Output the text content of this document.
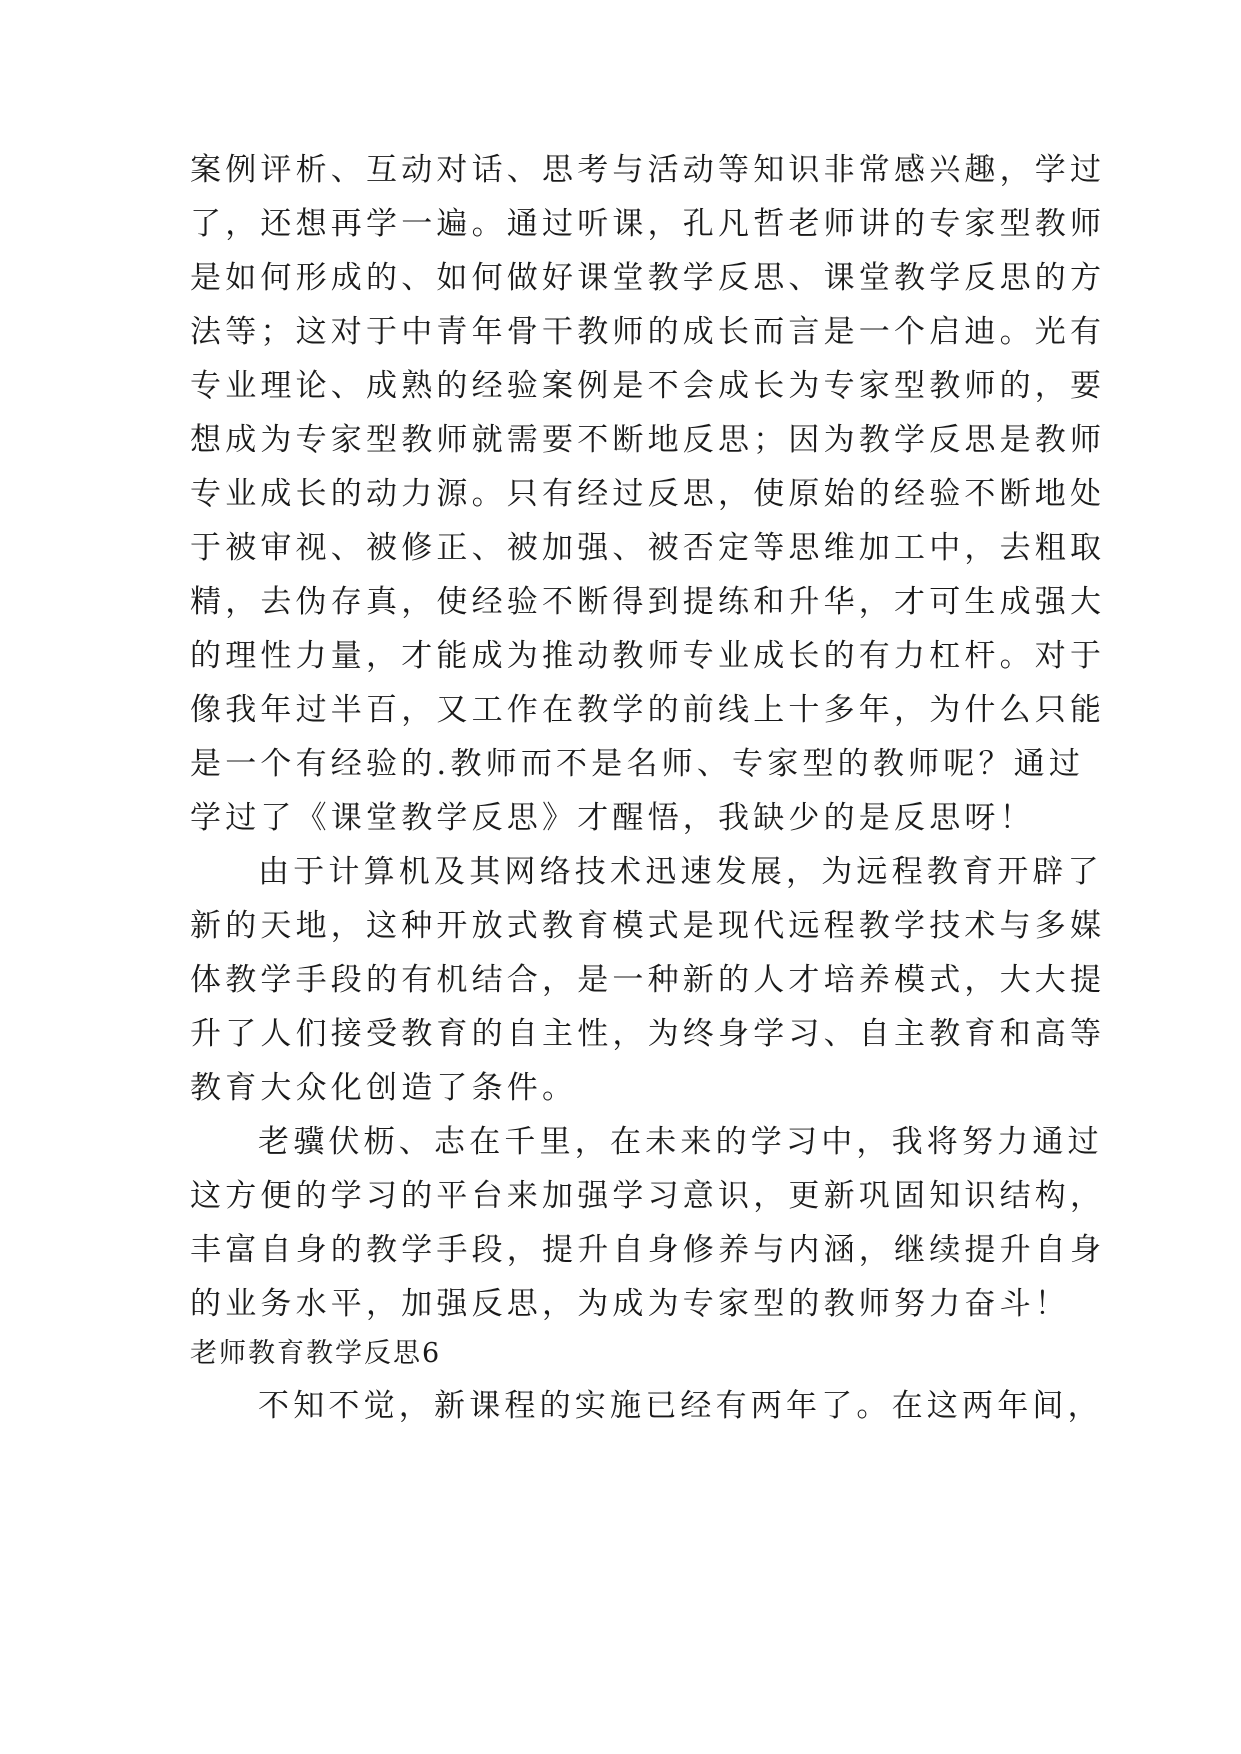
案例评析、互动对话、思考与活动等知识非常感兴趣，学过
了，还想再学一遍。通过听课，孔凡哲老师讲的专家型教师
是如何形成的、如何做好课堂教学反思、课堂教学反思的方
法等；这对于中青年骨干教师的成长而言是一个启迪。光有
专业理论、成熟的经验案例是不会成长为专家型教师的，要
想成为专家型教师就需要不断地反思；因为教学反思是教师
专业成长的动力源。只有经过反思，使原始的经验不断地处
于被审视、被修正、被加强、被否定等思维加工中，去粗取
精，去伪存真，使经验不断得到提练和升华，才可生成强大
的理性力量，才能成为推动教师专业成长的有力杠杆。对于
像我年过半百，又工作在教学的前线上十多年，为什么只能
是一个有经验的.教师而不是名师、专家型的教师呢？通过
学过了《课堂教学反思》才醒悟，我缺少的是反思呀！
由于计算机及其网络技术迅速发展，为远程教育开辟了
新的天地，这种开放式教育模式是现代远程教学技术与多媒
体教学手段的有机结合，是一种新的人才培养模式，大大提
升了人们接受教育的自主性，为终身学习、自主教育和高等
教育大众化创造了条件。
老骥伏枥、志在千里，在未来的学习中，我将努力通过
这方便的学习的平台来加强学习意识，更新巩固知识结构，
丰富自身的教学手段，提升自身修养与内涵，继续提升自身
的业务水平，加强反思，为成为专家型的教师努力奋斗！
老师教育教学反思6
不知不觉，新课程的实施已经有两年了。在这两年间，
